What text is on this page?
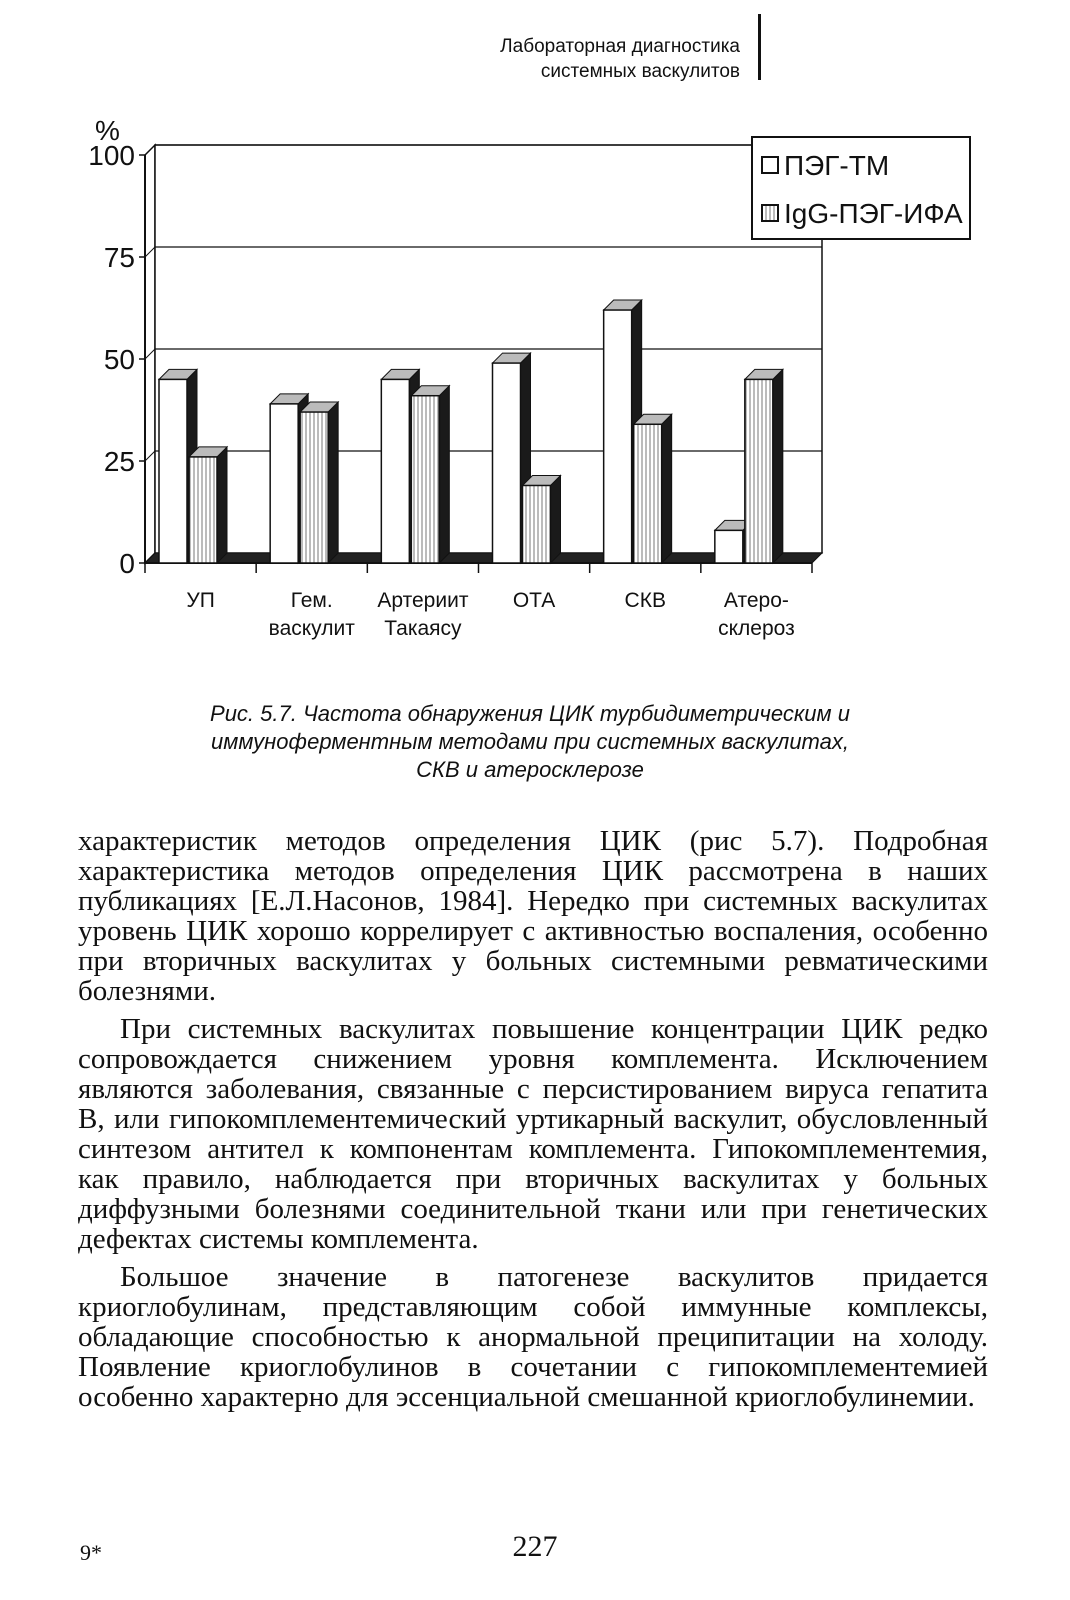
Лабораторная диагностика
системных васкулитов
0
25
50
75
100
%
УП	Гем.
васкулит
Артериит
Такаясу
ОТА	СКВ	Атеро-
склероз
ПЭГ-ТМ
IgG-ПЭГ-ИФА
Рис. 5.7. Частота обнаружения ЦИК турбидиметрическим и
иммуноферментным методами при системных васкулитах,
СКВ и атеросклерозе

характеристик методов определения ЦИК (рис 5.7). Подробная характеристика методов определения ЦИК рассмотрена в наших публикациях [Е.Л.Насонов, 1984]. Нередко при системных васкулитах уровень ЦИК хорошо коррелирует с активностью воспаления, особенно при вторичных васкулитах у больных системными ревматическими болезнями.

При системных васкулитах повышение концентрации ЦИК редко сопровождается снижением уровня комплемента. Исключением являются заболевания, связанные с персистированием вируса гепатита В, или гипокомплементемический уртикарный васкулит, обусловленный синтезом антител к компонентам комплемента. Гипокомплементемия, как правило, наблюдается при вторичных васкулитах у больных диффузными болезнями соединительной ткани или при генетических дефектах системы комплемента.

Большое значение в патогенезе васкулитов придается криоглобулинам, представляющим собой иммунные комплексы, обладающие способностью к анормальной преципитации на холоду. Появление криоглобулинов в сочетании с гипокомплементемией особенно характерно для эссенциальной смешанной криоглобулинемии.

9*	227
